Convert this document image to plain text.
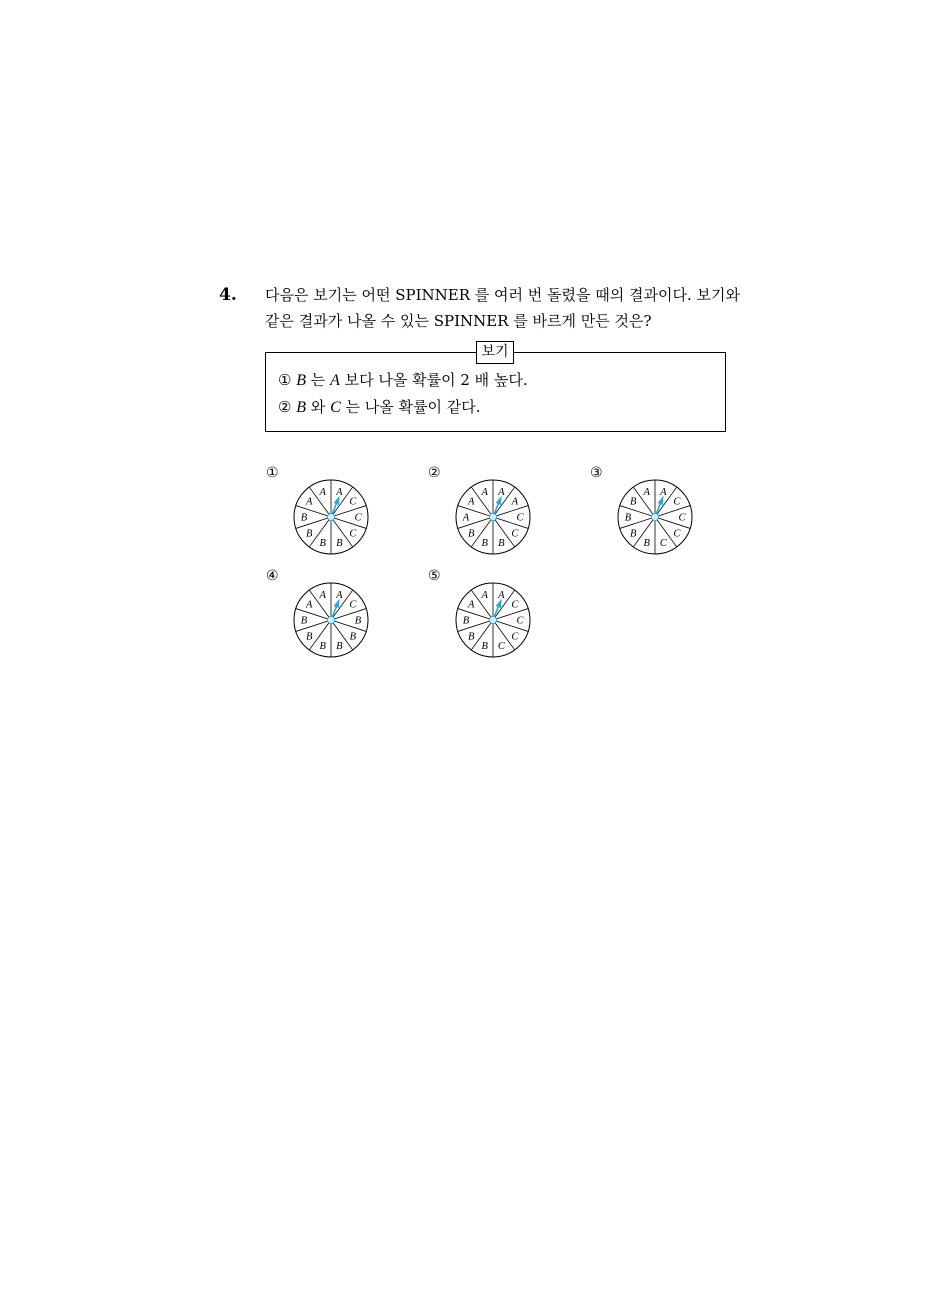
4. 다음은 보기는 어떤 SPINNER 를 여러 번 돌렸을 때의 결과이다. 보기와
같은 결과가 나올 수 있는 SPINNER 를 바르게 만든 것은?
보기
① B 는 A 보다 나올 확률이 2 배 높다.
② B 와 C 는 나올 확률이 같다.
①
A
C
C
C
B
B
B
B
A
A
②
A
A
C
C
B
B
B
A
A
A
③
A
C
C
C
C
B
B
B
B
A
④
A
C
B
B
B
B
B
B
A
A
⑤
A
C
C
C
C
B
B
B
A
A
